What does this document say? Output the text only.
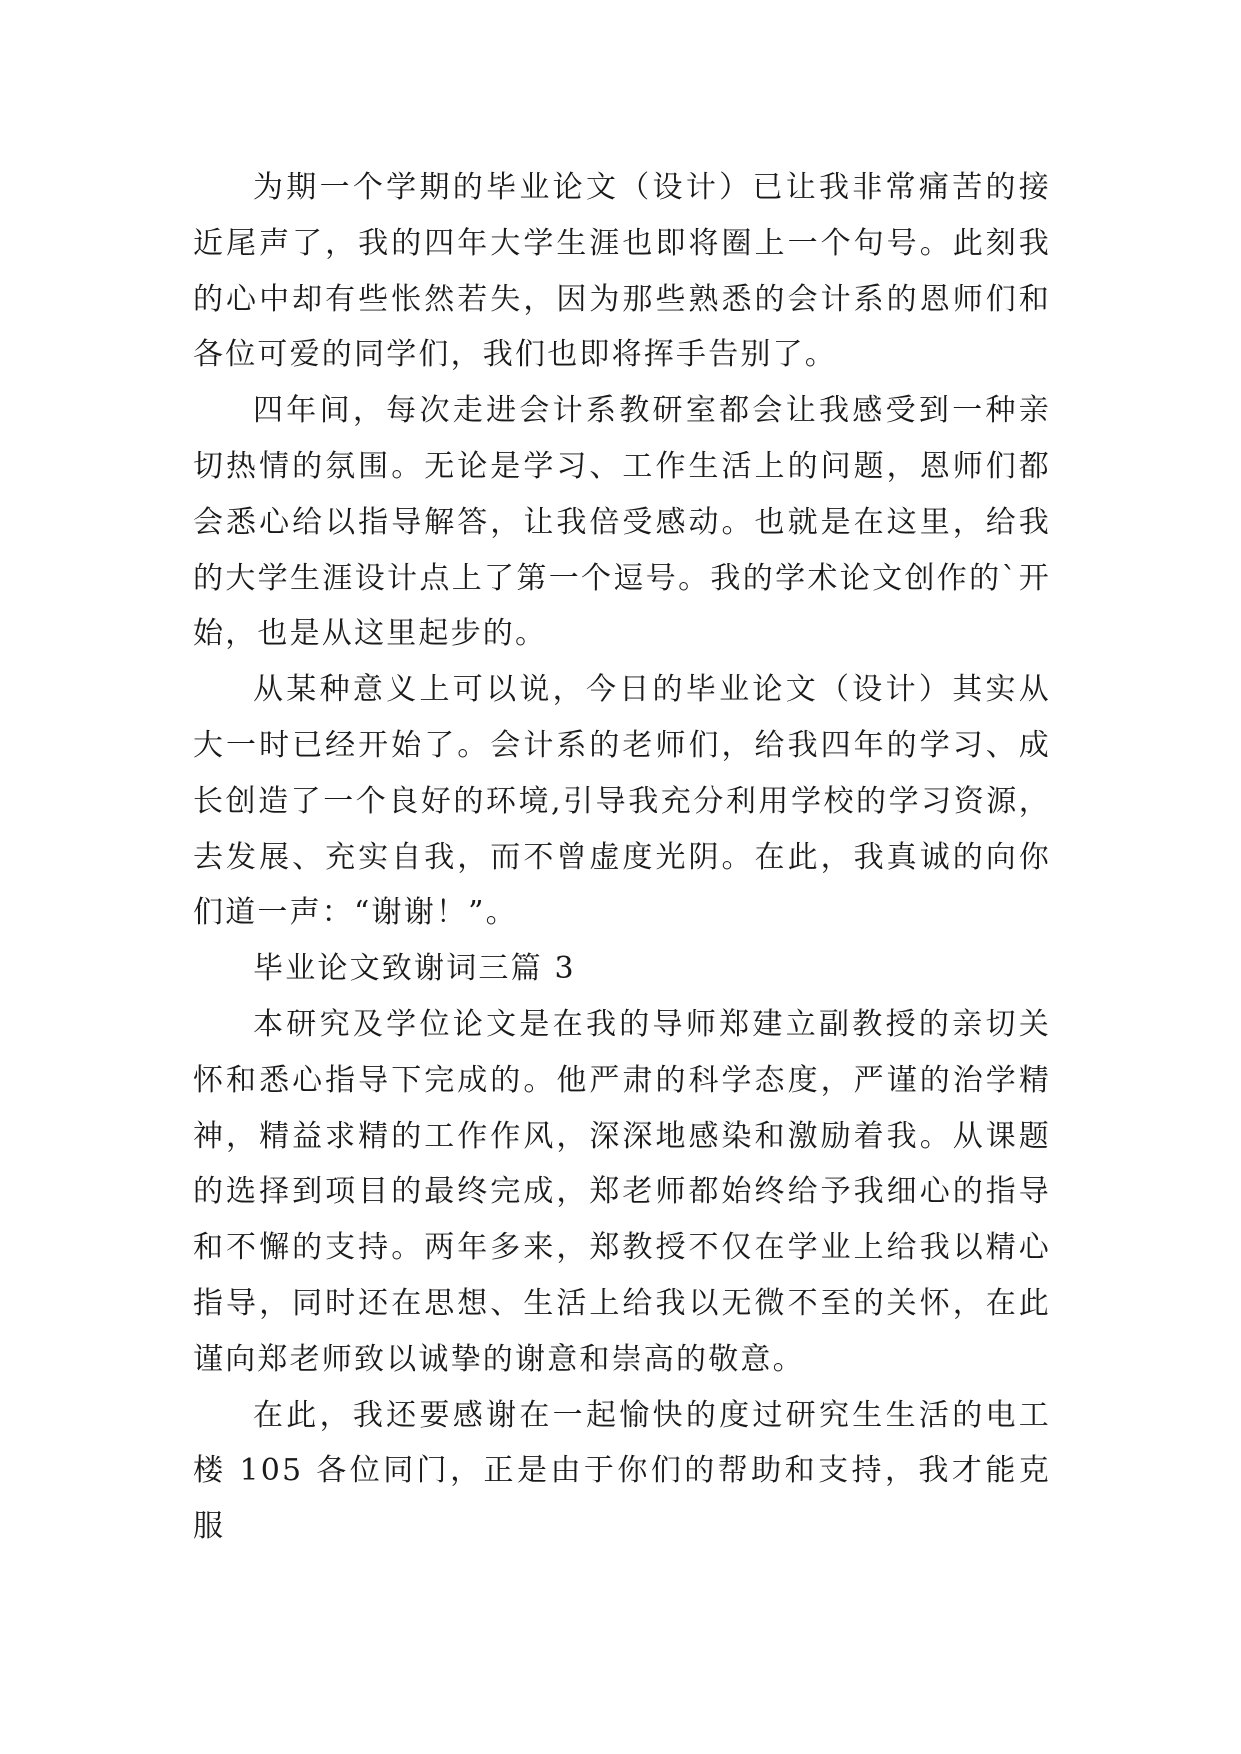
为期一个学期的毕业论文（设计）已让我非常痛苦的接近尾声了，我的四年大学生涯也即将圈上一个句号。此刻我的心中却有些怅然若失，因为那些熟悉的会计系的恩师们和各位可爱的同学们，我们也即将挥手告别了。

四年间，每次走进会计系教研室都会让我感受到一种亲切热情的氛围。无论是学习、工作生活上的问题，恩师们都会悉心给以指导解答，让我倍受感动。也就是在这里，给我的大学生涯设计点上了第一个逗号。我的学术论文创作的`开始，也是从这里起步的。

从某种意义上可以说，今日的毕业论文（设计）其实从大一时已经开始了。会计系的老师们，给我四年的学习、成长创造了一个良好的环境,引导我充分利用学校的学习资源，去发展、充实自我，而不曾虚度光阴。在此，我真诚的向你们道一声：“谢谢！”。

毕业论文致谢词三篇 3

本研究及学位论文是在我的导师郑建立副教授的亲切关怀和悉心指导下完成的。他严肃的科学态度，严谨的治学精神，精益求精的工作作风，深深地感染和激励着我。从课题的选择到项目的最终完成，郑老师都始终给予我细心的指导和不懈的支持。两年多来，郑教授不仅在学业上给我以精心指导，同时还在思想、生活上给我以无微不至的关怀，在此谨向郑老师致以诚挚的谢意和崇高的敬意。

在此，我还要感谢在一起愉快的度过研究生生活的电工楼 105 各位同门，正是由于你们的帮助和支持，我才能克服
